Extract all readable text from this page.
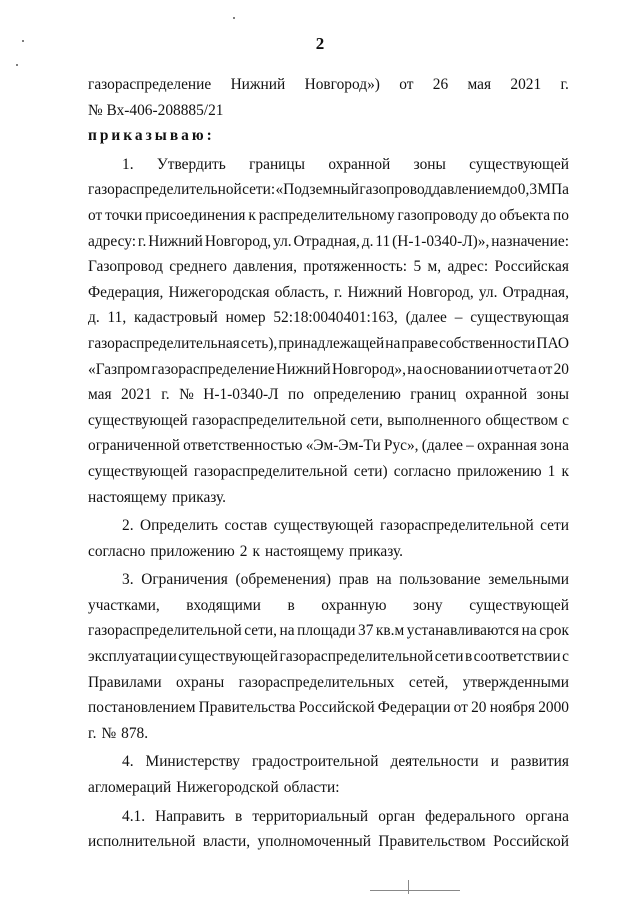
2
газораспределение Нижний Новгород») от 26 мая 2021 г.
№ Вх-406-208885/21
приказываю:
1. Утвердить границы охранной зоны существующей
газораспределительной сети: «Подземный газопровод давлением до 0,3 МПа
от точки присоединения к распределительному газопроводу до объекта по
адресу: г. Нижний Новгород, ул. Отрадная, д. 11 (Н-1-0340-Л)», назначение:
Газопровод среднего давления, протяженность: 5 м, адрес: Российская
Федерация, Нижегородская область, г. Нижний Новгород, ул. Отрадная,
д. 11, кадастровый номер 52:18:0040401:163, (далее – существующая
газораспределительная сеть), принадлежащей на праве собственности ПАО
«Газпром газораспределение Нижний Новгород», на основании отчета от 20
мая 2021 г. № Н-1-0340-Л по определению границ охранной зоны
существующей газораспределительной сети, выполненного обществом с
ограниченной ответственностью «Эм-Эм-Ти Рус», (далее – охранная зона
существующей газораспределительной сети) согласно приложению 1 к
настоящему приказу.
2. Определить состав существующей газораспределительной сети
согласно приложению 2 к настоящему приказу.
3. Ограничения (обременения) прав на пользование земельными
участками, входящими в охранную зону существующей
газораспределительной сети, на площади 37 кв.м устанавливаются на срок
эксплуатации существующей газораспределительной сети в соответствии с
Правилами охраны газораспределительных сетей, утвержденными
постановлением Правительства Российской Федерации от 20 ноября 2000
г. № 878.
4. Министерству градостроительной деятельности и развития
агломераций Нижегородской области:
4.1. Направить в территориальный орган федерального органа
исполнительной власти, уполномоченный Правительством Российской
